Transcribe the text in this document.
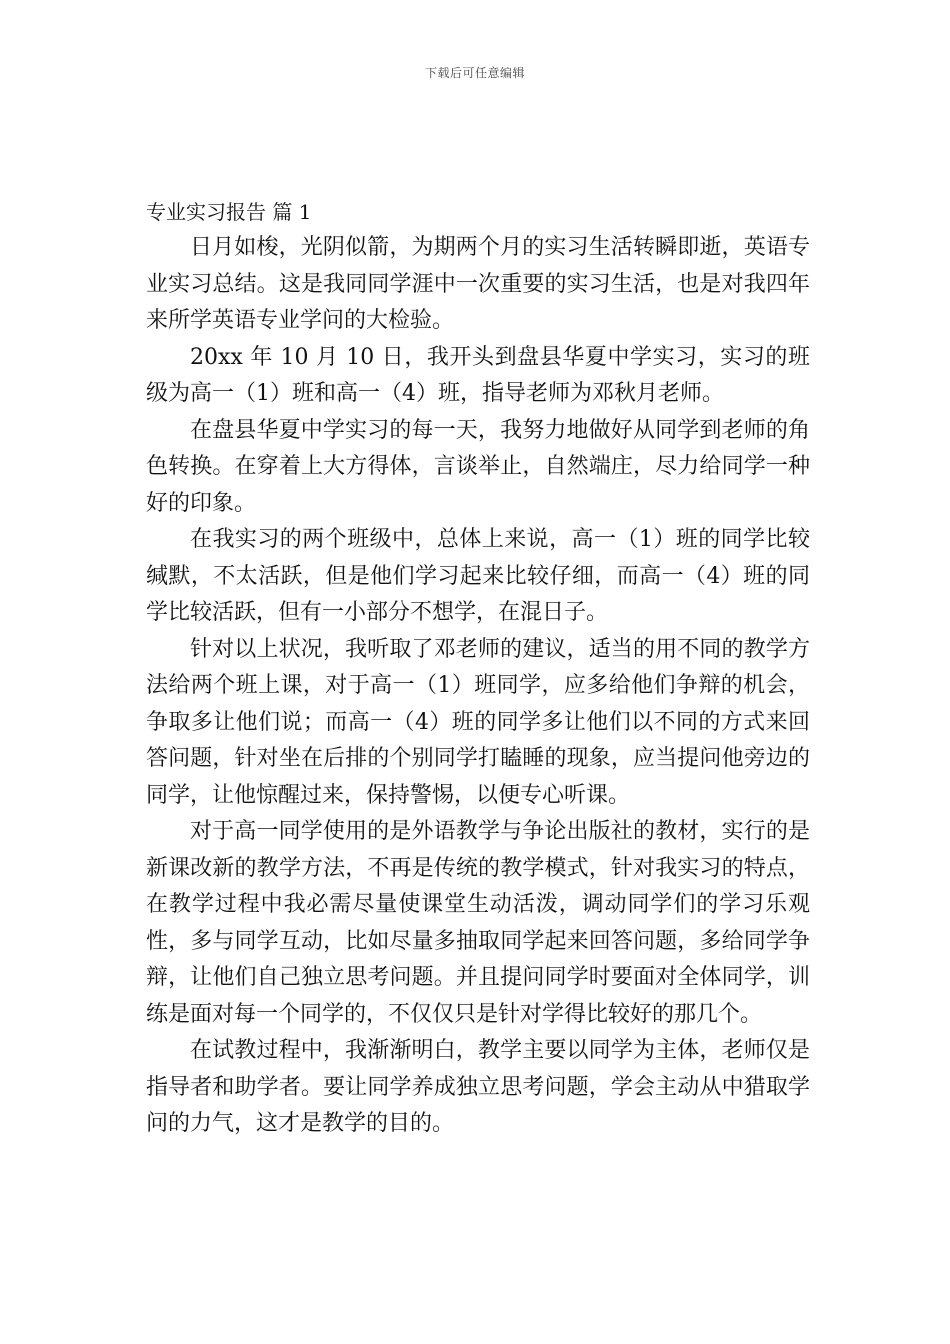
下载后可任意编辑
专业实习报告 篇 1

日月如梭，光阴似箭，为期两个月的实习生活转瞬即逝，英语专业实习总结。这是我同同学涯中一次重要的实习生活，也是对我四年来所学英语专业学问的大检验。

20xx 年 10 月 10 日，我开头到盘县华夏中学实习，实习的班级为高一（1）班和高一（4）班，指导老师为邓秋月老师。

在盘县华夏中学实习的每一天，我努力地做好从同学到老师的角色转换。在穿着上大方得体，言谈举止，自然端庄，尽力给同学一种好的印象。

在我实习的两个班级中，总体上来说，高一（1）班的同学比较缄默，不太活跃，但是他们学习起来比较仔细，而高一（4）班的同学比较活跃，但有一小部分不想学，在混日子。

针对以上状况，我听取了邓老师的建议，适当的用不同的教学方法给两个班上课，对于高一（1）班同学，应多给他们争辩的机会，争取多让他们说；而高一（4）班的同学多让他们以不同的方式来回答问题，针对坐在后排的个别同学打瞌睡的现象，应当提问他旁边的同学，让他惊醒过来，保持警惕，以便专心听课。

对于高一同学使用的是外语教学与争论出版社的教材，实行的是新课改新的教学方法，不再是传统的教学模式，针对我实习的特点，在教学过程中我必需尽量使课堂生动活泼，调动同学们的学习乐观性，多与同学互动，比如尽量多抽取同学起来回答问题，多给同学争辩，让他们自己独立思考问题。并且提问同学时要面对全体同学，训练是面对每一个同学的，不仅仅只是针对学得比较好的那几个。

在试教过程中，我渐渐明白，教学主要以同学为主体，老师仅是指导者和助学者。要让同学养成独立思考问题，学会主动从中猎取学问的力气，这才是教学的目的。
